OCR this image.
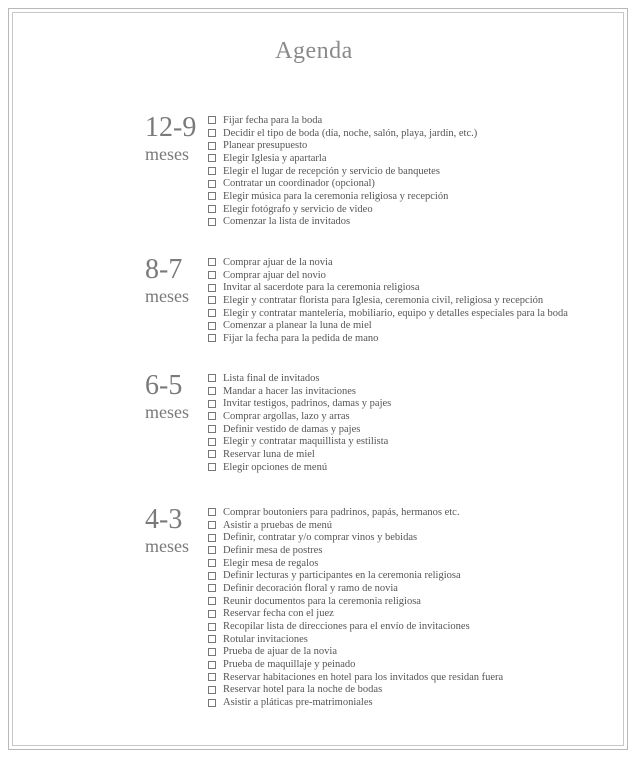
Agenda
12-9
meses
Fijar fecha para la boda
Decidir el tipo de boda (día, noche, salón, playa, jardín, etc.)
Planear presupuesto
Elegir Iglesia y apartarla
Elegir el lugar de recepción y servicio de banquetes
Contratar un coordinador (opcional)
Elegir música para la ceremonia religiosa y recepción
Elegir fotógrafo y servicio de video
Comenzar la lista de invitados
8-7
meses
Comprar ajuar de la novia
Comprar ajuar del novio
Invitar al sacerdote para la ceremonia religiosa
Elegir y contratar florista para Iglesia, ceremonia civil, religiosa y recepción
Elegir y contratar mantelería, mobiliario, equipo y detalles especiales para la boda
Comenzar a planear la luna de miel
Fijar la fecha para la pedida de mano
6-5
meses
Lista final de invitados
Mandar a hacer las invitaciones
Invitar testigos, padrinos, damas y pajes
Comprar argollas, lazo y arras
Definir vestido de damas y pajes
Elegir y contratar maquillista y estilista
Reservar luna de miel
Elegir opciones de menú
4-3
meses
Comprar boutoniers para padrinos, papás, hermanos etc.
Asistir a pruebas de menú
Definir, contratar y/o comprar vinos y bebidas
Definir mesa de postres
Elegir mesa de regalos
Definir lecturas y participantes en la ceremonia religiosa
Definir decoración floral y ramo de novia
Reunir documentos para la ceremonia religiosa
Reservar fecha con el juez
Recopilar lista de direcciones para el envío de invitaciones
Rotular invitaciones
Prueba de ajuar de la novia
Prueba de maquillaje y peinado
Reservar habitaciones en hotel para los invitados que residan fuera
Reservar hotel para la noche de bodas
Asistir a pláticas pre-matrimoniales
